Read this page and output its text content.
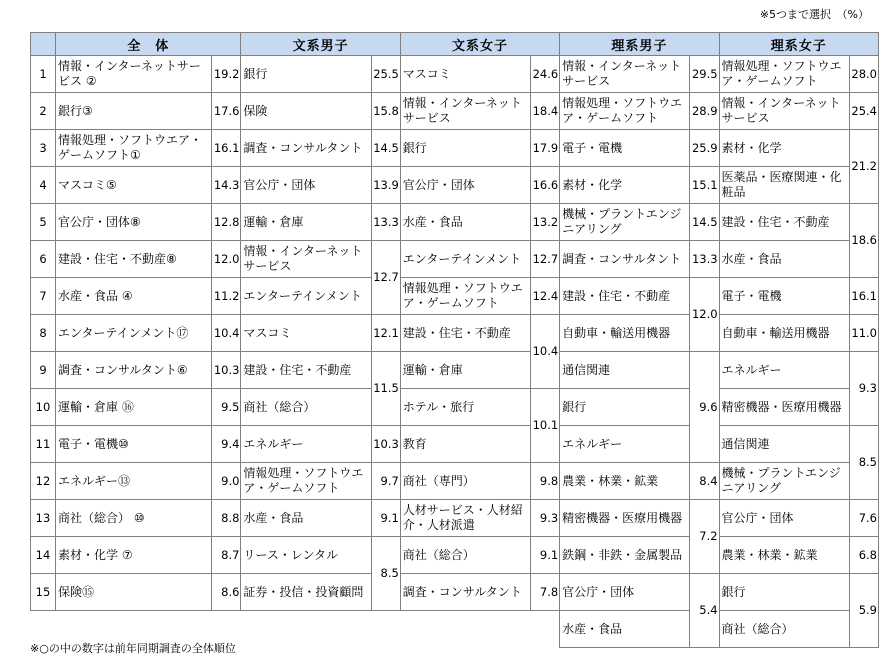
※5つまで選択　（%）
	全　体		文系男子		文系女子		理系男子		理系女子	
1	情報・インターネットサービス ②	19.2	銀行	25.5	マスコミ	24.6	情報・インターネットサービス	29.5	情報処理・ソフトウエア・ゲームソフト	28.0
2	銀行③	17.6	保険	15.8	情報・インターネットサービス	18.4	情報処理・ソフトウエア・ゲームソフト	28.9	情報・インターネットサービス	25.4
3	情報処理・ソフトウエア・ゲームソフト①	16.1	調査・コンサルタント	14.5	銀行	17.9	電子・電機	25.9	素材・化学	21.2
4	マスコミ⑤	14.3	官公庁・団体	13.9	官公庁・団体	16.6	素材・化学	15.1	医薬品・医療関連・化粧品	
5	官公庁・団体⑧	12.8	運輸・倉庫	13.3	水産・食品	13.2	機械・プラントエンジニアリング	14.5	建設・住宅・不動産	18.6
6	建設・住宅・不動産⑧	12.0	情報・インターネットサービス	12.7	エンターテインメント	12.7	調査・コンサルタント	13.3	水産・食品	
7	水産・食品 ④	11.2	エンターテインメント		情報処理・ソフトウエア・ゲームソフト	12.4	建設・住宅・不動産	12.0	電子・電機	16.1
8	エンターテインメント⑰	10.4	マスコミ	12.1	建設・住宅・不動産	10.4	自動車・輸送用機器		自動車・輸送用機器	11.0
9	調査・コンサルタント⑥	10.3	建設・住宅・不動産	11.5	運輸・倉庫		通信関連	9.6	エネルギー	9.3
10	運輸・倉庫 ⑯	9.5	商社（総合）		ホテル・旅行	10.1	銀行		精密機器・医療用機器	
11	電子・電機⑩	9.4	エネルギー	10.3	教育		エネルギー		通信関連	8.5
12	エネルギー⑬	9.0	情報処理・ソフトウエア・ゲームソフト	9.7	商社（専門）	9.8	農業・林業・鉱業	8.4	機械・プラントエンジニアリング	
13	商社（総合） ⑩	8.8	水産・食品	9.1	人材サービス・人材紹介・人材派遣	9.3	精密機器・医療用機器	7.2	官公庁・団体	7.6
14	素材・化学 ⑦	8.7	リース・レンタル	8.5	商社（総合）	9.1	鉄鋼・非鉄・金属製品		農業・林業・鉱業	6.8
15	保険⑮	8.6	証券・投信・投資顧問		調査・コンサルタント	7.8	官公庁・団体	5.4	銀行	5.9
							水産・食品		商社（総合）	
※○の中の数字は前年同期調査の全体順位
